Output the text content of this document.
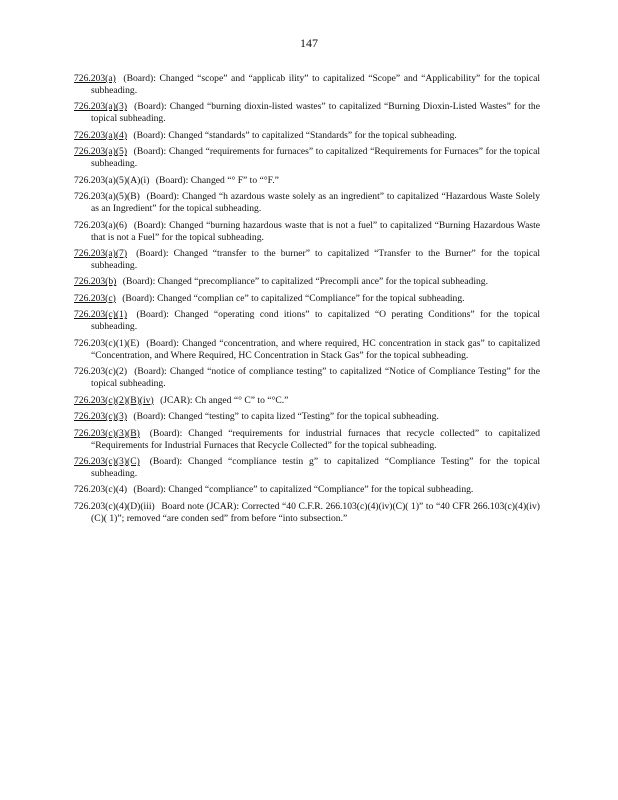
147

726.203(a) (Board): Changed “scope” and “applicab ility” to capitalized “Scope” and “Applicability” for the topical subheading.

726.203(a)(3) (Board): Changed “burning dioxin-listed wastes” to capitalized “Burning Dioxin-Listed Wastes” for the topical subheading.

726.203(a)(4) (Board): Changed “standards” to capitalized “Standards” for the topical subheading.

726.203(a)(5) (Board): Changed “requirements for furnaces” to capitalized “Requirements for Furnaces” for the topical subheading.

726.203(a)(5)(A)(i) (Board): Changed “° F” to “°F.”

726.203(a)(5)(B) (Board): Changed “h azardous waste solely as an ingredient” to capitalized “Hazardous Waste Solely as an Ingredient” for the topical subheading.

726.203(a)(6) (Board): Changed “burning hazardous waste that is not a fuel” to capitalized “Burning Hazardous Waste that is not a Fuel” for the topical subheading.

726.203(a)(7) (Board): Changed “transfer to the burner” to capitalized “Transfer to the Burner” for the topical subheading.

726.203(b) (Board): Changed “precompliance” to capitalized “Precompli ance” for the topical subheading.

726.203(c) (Board): Changed “complian ce” to capitalized “Compliance” for the topical subheading.

726.203(c)(1) (Board): Changed “operating cond itions” to capitalized “O perating Conditions” for the topical subheading.

726.203(c)(1)(E) (Board): Changed “concentration, and where required, HC concentration in stack gas” to capitalized “Concentration, and Where Required, HC Concentration in Stack Gas” for the topical subheading.

726.203(c)(2) (Board): Changed “notice of compliance testing” to capitalized “Notice of Compliance Testing” for the topical subheading.

726.203(c)(2)(B)(iv) (JCAR): Ch anged “° C” to “°C.”

726.203(c)(3) (Board): Changed “testing” to capita lized “Testing” for the topical subheading.

726.203(c)(3)(B) (Board): Changed “requirements for industrial furnaces that recycle collected” to capitalized “Requirements for Industrial Furnaces that Recycle Collected” for the topical subheading.

726.203(c)(3)(C) (Board): Changed “compliance testin g” to capitalized “Compliance Testing” for the topical subheading.

726.203(c)(4) (Board): Changed “compliance” to capitalized “Compliance” for the topical subheading.

726.203(c)(4)(D)(iii) Board note (JCAR): Corrected “40 C.F.R. 266.103(c)(4)(iv)(C)( 1)” to “40 CFR 266.103(c)(4)(iv)(C)( 1)”; removed “are conden sed” from before “into subsection.”
